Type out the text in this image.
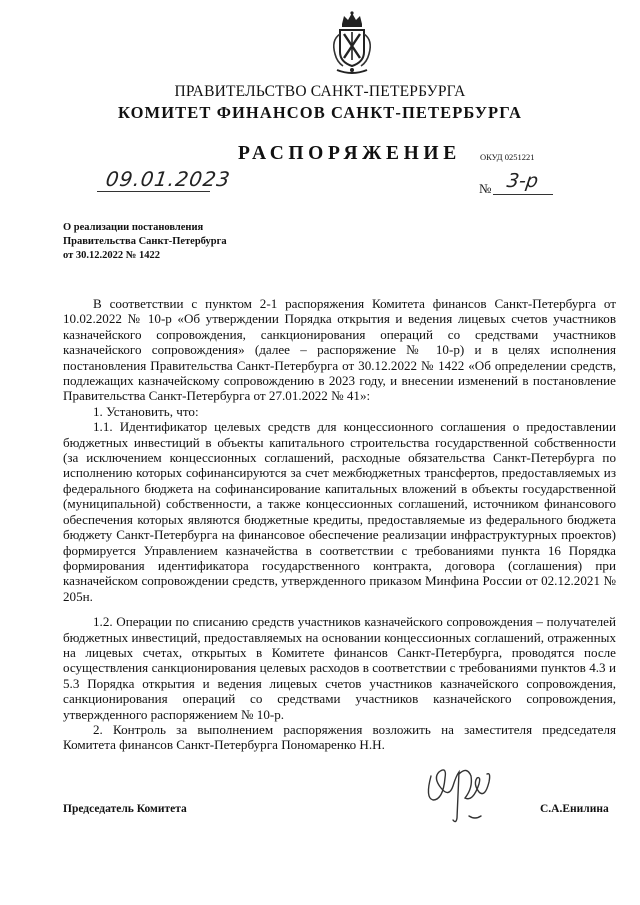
ПРАВИТЕЛЬСТВО САНКТ-ПЕТЕРБУРГА
КОМИТЕТ ФИНАНСОВ САНКТ-ПЕТЕРБУРГА
РАСПОРЯЖЕНИЕ ОКУД 0251221
09.01.2023	№ 3-р
О реализации постановления
Правительства Санкт-Петербурга
от 30.12.2022 № 1422

В соответствии с пунктом 2-1 распоряжения Комитета финансов Санкт-Петербурга от 10.02.2022 № 10-р «Об утверждении Порядка открытия и ведения лицевых счетов участников казначейского сопровождения, санкционирования операций со средствами участников казначейского сопровождения» (далее – распоряжение № 10-р) и в целях исполнения постановления Правительства Санкт-Петербурга от 30.12.2022 № 1422 «Об определении средств, подлежащих казначейскому сопровождению в 2023 году, и внесении изменений в постановление Правительства Санкт-Петербурга от 27.01.2022 № 41»:

1. Установить, что:

1.1. Идентификатор целевых средств для концессионного соглашения о предоставлении бюджетных инвестиций в объекты капитального строительства государственной собственности (за исключением концессионных соглашений, расходные обязательства Санкт-Петербурга по исполнению которых софинансируются за счет межбюджетных трансфертов, предоставляемых из федерального бюджета на софинансирование капитальных вложений в объекты государственной (муниципальной) собственности, а также концессионных соглашений, источником финансового обеспечения которых являются бюджетные кредиты, предоставляемые из федерального бюджета бюджету Санкт-Петербурга на финансовое обеспечение реализации инфраструктурных проектов) формируется Управлением казначейства в соответствии с требованиями пункта 16 Порядка формирования идентификатора государственного контракта, договора (соглашения) при казначейском сопровождении средств, утвержденного приказом Минфина России от 02.12.2021 № 205н.

1.2. Операции по списанию средств участников казначейского сопровождения – получателей бюджетных инвестиций, предоставляемых на основании концессионных соглашений, отраженных на лицевых счетах, открытых в Комитете финансов Санкт-Петербурга, проводятся после осуществления санкционирования целевых расходов в соответствии с требованиями пунктов 4.3 и 5.3 Порядка открытия и ведения лицевых счетов участников казначейского сопровождения, санкционирования операций со средствами участников казначейского сопровождения, утвержденного распоряжением № 10-р.

2. Контроль за выполнением распоряжения возложить на заместителя председателя Комитета финансов Санкт-Петербурга Пономаренко Н.Н.

Председатель Комитета	С.А.Енилина
